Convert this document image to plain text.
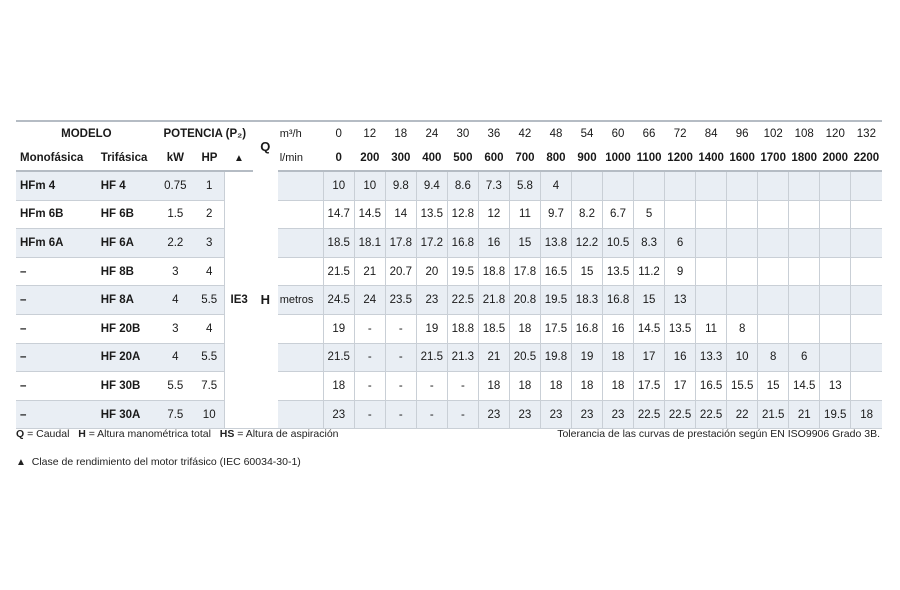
MODELO		POTENCIA (P₂)			Q	m³/h	0	12	18	24	30	36	42	48	54	60	66	72	84	96	102	108	120	132
Monofásica	Trifásica	kW	HP	▲		l/min	0	200	300	400	500	600	700	800	900	1000	1100	1200	1400	1600	1700	1800	2000	2200
HFm 4	HF 4	0.75	1	IE3	H		10	10	9.8	9.4	8.6	7.3	5.8	4										
HFm 6B	HF 6B	1.5	2				14.7	14.5	14	13.5	12.8	12	11	9.7	8.2	6.7	5							
HFm 6A	HF 6A	2.2	3				18.5	18.1	17.8	17.2	16.8	16	15	13.8	12.2	10.5	8.3	6						
–	HF 8B	3	4				21.5	21	20.7	20	19.5	18.8	17.8	16.5	15	13.5	11.2	9						
–	HF 8A	4	5.5			metros	24.5	24	23.5	23	22.5	21.8	20.8	19.5	18.3	16.8	15	13						
–	HF 20B	3	4				19	-	-	19	18.8	18.5	18	17.5	16.8	16	14.5	13.5	11	8				
–	HF 20A	4	5.5				21.5	-	-	21.5	21.3	21	20.5	19.8	19	18	17	16	13.3	10	8	6		
–	HF 30B	5.5	7.5				18	-	-	-	-	18	18	18	18	18	17.5	17	16.5	15.5	15	14.5	13	
–	HF 30A	7.5	10				23	-	-	-	-	23	23	23	23	23	22.5	22.5	22.5	22	21.5	21	19.5	18
Q = Caudal H = Altura manométrica total HS = Altura de aspiración	Tolerancia de las curvas de prestación según EN ISO9906 Grado 3B.
▲ Clase de rendimiento del motor trifásico (IEC 60034-30-1)
